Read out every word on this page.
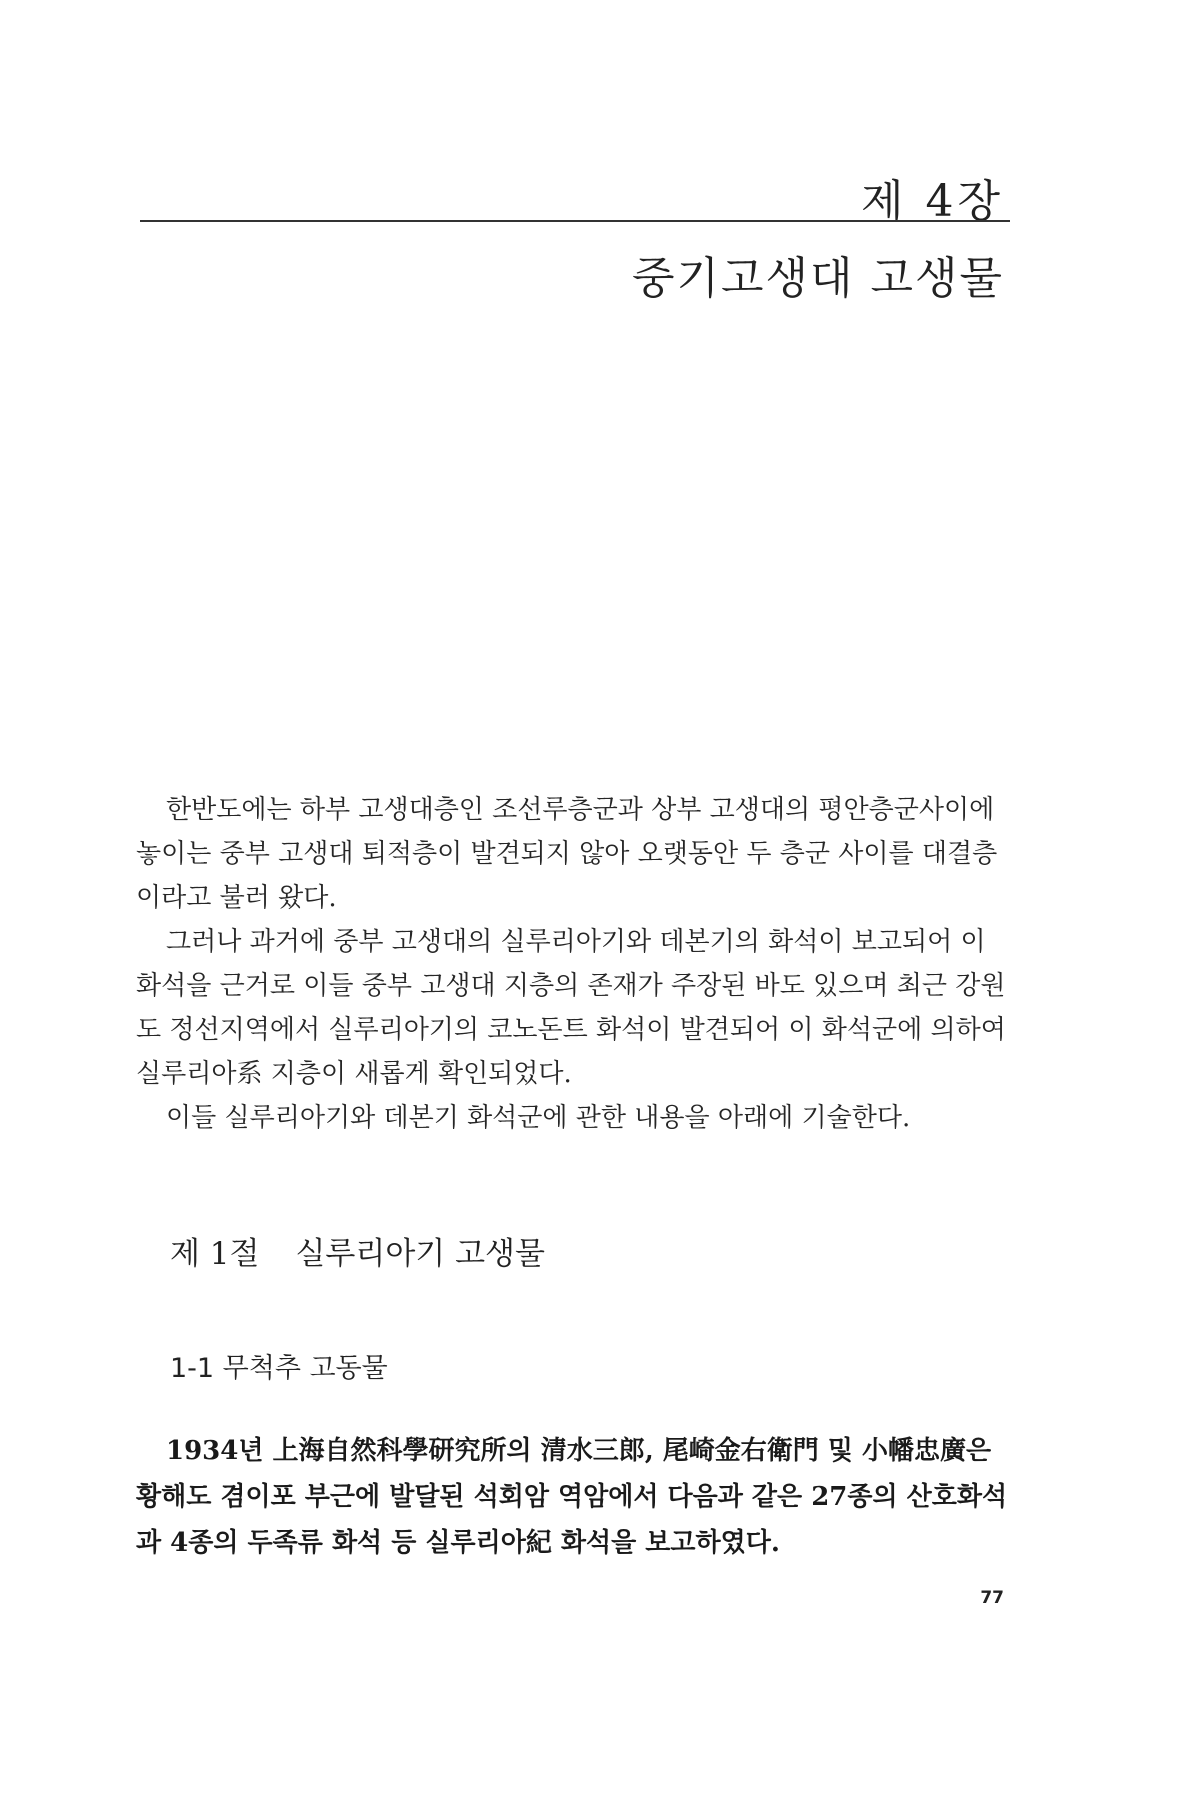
제 4장
중기고생대 고생물

한반도에는 하부 고생대층인 조선루층군과 상부 고생대의 평안층군사이에 놓이는 중부 고생대 퇴적층이 발견되지 않아 오랫동안 두 층군 사이를 대결층이라고 불러 왔다.

그러나 과거에 중부 고생대의 실루리아기와 데본기의 화석이 보고되어 이 화석을 근거로 이들 중부 고생대 지층의 존재가 주장된 바도 있으며 최근 강원도 정선지역에서 실루리아기의 코노돈트 화석이 발견되어 이 화석군에 의하여 실루리아系 지층이 새롭게 확인되었다.

이들 실루리아기와 데본기 화석군에 관한 내용을 아래에 기술한다.

제 1절 실루리아기 고생물
1-1 무척추 고동물

1934년 上海自然科學研究所의 清水三郎, 尾崎金右衛門 및 小幡忠廣은 황해도 겸이포 부근에 발달된 석회암 역암에서 다음과 같은 27종의 산호화석과 4종의 두족류 화석 등 실루리아紀 화석을 보고하였다.

77
